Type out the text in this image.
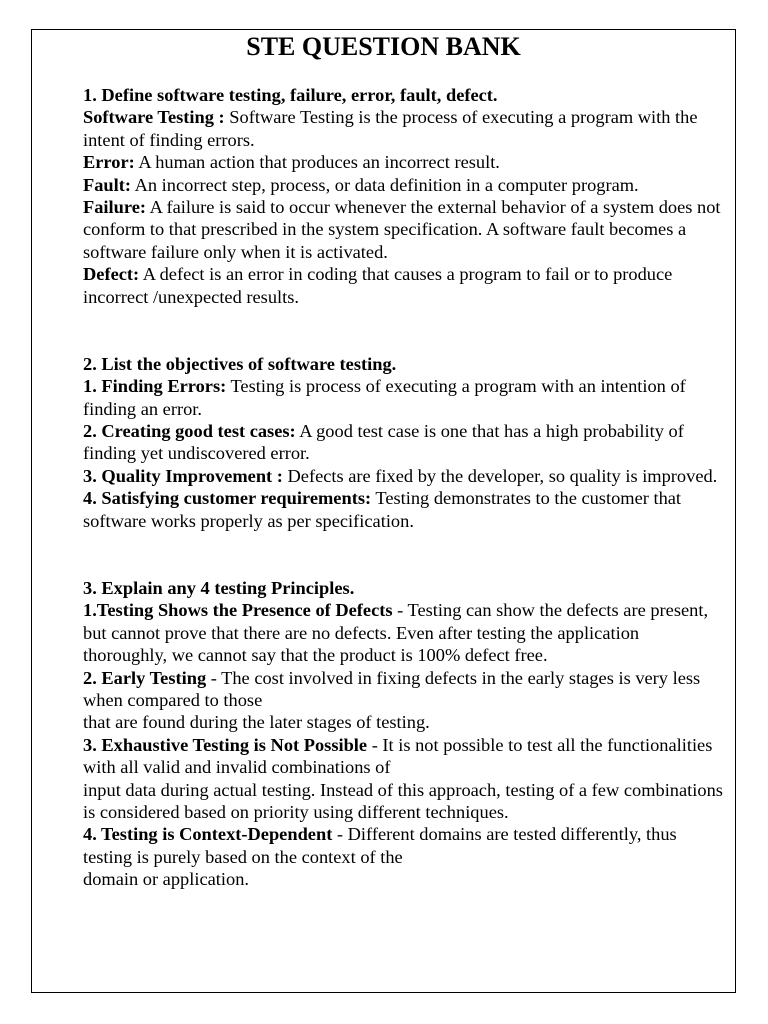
STE QUESTION BANK

1. Define software testing, failure, error, fault, defect.

Software Testing : Software Testing is the process of executing a program with the intent of finding errors.

Error: A human action that produces an incorrect result.

Fault: An incorrect step, process, or data definition in a computer program.

Failure: A failure is said to occur whenever the external behavior of a system does not conform to that prescribed in the system specification. A software fault becomes a software failure only when it is activated.

Defect: A defect is an error in coding that causes a program to fail or to produce incorrect /unexpected results.

2. List the objectives of software testing.

1. Finding Errors: Testing is process of executing a program with an intention of finding an error.

2. Creating good test cases: A good test case is one that has a high probability of finding yet undiscovered error.

3. Quality Improvement : Defects are fixed by the developer, so quality is improved.

4. Satisfying customer requirements: Testing demonstrates to the customer that software works properly as per specification.

3. Explain any 4 testing Principles.

1.Testing Shows the Presence of Defects - Testing can show the defects are present, but cannot prove that there are no defects. Even after testing the application thoroughly, we cannot say that the product is 100% defect free.

2. Early Testing - The cost involved in fixing defects in the early stages is very less when compared to those

that are found during the later stages of testing.

3. Exhaustive Testing is Not Possible - It is not possible to test all the functionalities with all valid and invalid combinations of

input data during actual testing. Instead of this approach, testing of a few combinations is considered based on priority using different techniques.

4. Testing is Context-Dependent - Different domains are tested differently, thus testing is purely based on the context of the

domain or application.
